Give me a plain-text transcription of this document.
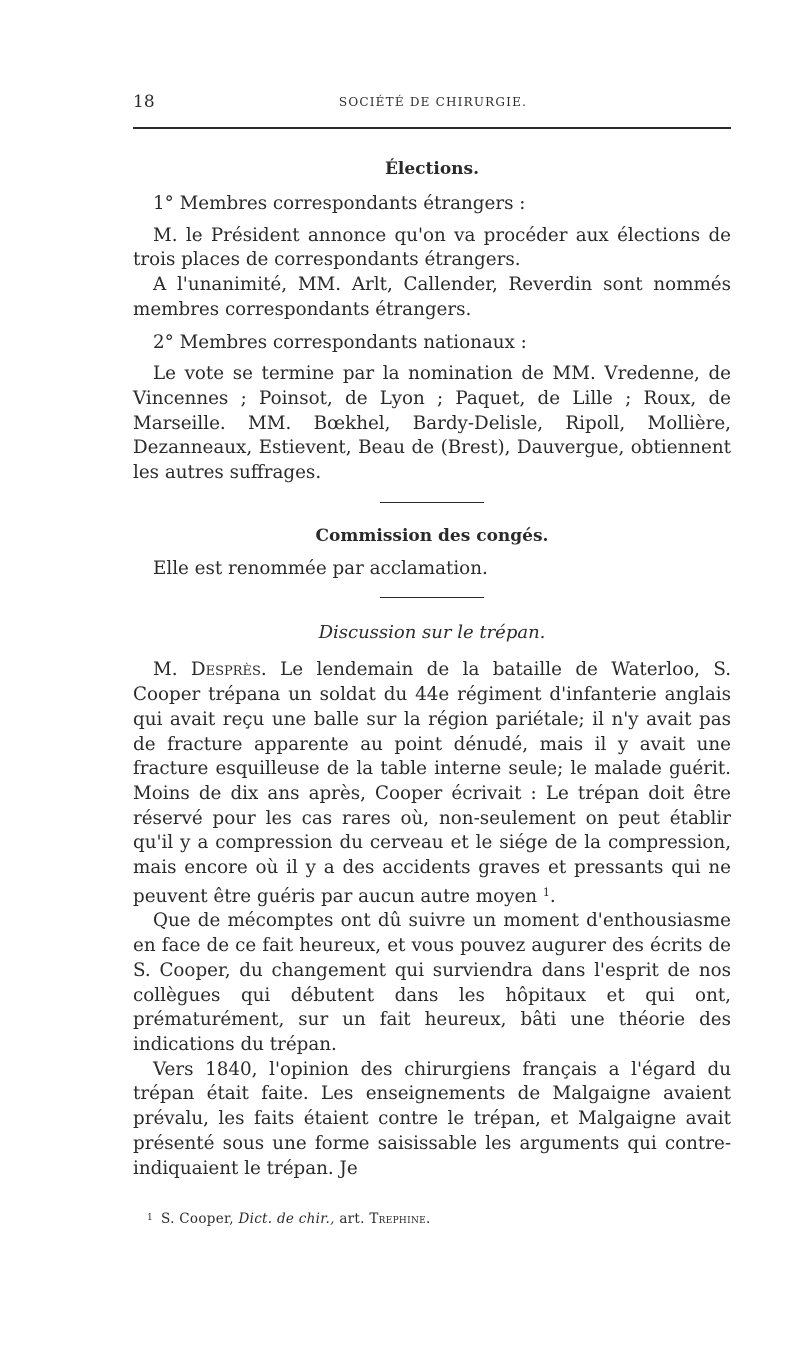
18	SOCIÉTÉ DE CHIRURGIE.
Élections.

1° Membres correspondants étrangers :

M. le Président annonce qu'on va procéder aux élections de trois places de correspondants étrangers.

A l'unanimité, MM. Arlt, Callender, Reverdin sont nommés membres correspondants étrangers.

2° Membres correspondants nationaux :

Le vote se termine par la nomination de MM. Vredenne, de Vincennes ; Poinsot, de Lyon ; Paquet, de Lille ; Roux, de Marseille. MM. Bœkhel, Bardy-Delisle, Ripoll, Mollière, Dezanneaux, Estievent, Beau de (Brest), Dauvergue, obtiennent les autres suffrages.

Commission des congés.

Elle est renommée par acclamation.

Discussion sur le trépan.

M. Desprès. Le lendemain de la bataille de Waterloo, S. Cooper trépana un soldat du 44e régiment d'infanterie anglais qui avait reçu une balle sur la région pariétale; il n'y avait pas de fracture apparente au point dénudé, mais il y avait une fracture esquilleuse de la table interne seule; le malade guérit. Moins de dix ans après, Cooper écrivait : Le trépan doit être réservé pour les cas rares où, non-seulement on peut établir qu'il y a compression du cerveau et le siége de la compression, mais encore où il y a des accidents graves et pressants qui ne peuvent être guéris par aucun autre moyen $^1$.

Que de mécomptes ont dû suivre un moment d'enthousiasme en face de ce fait heureux, et vous pouvez augurer des écrits de S. Cooper, du changement qui surviendra dans l'esprit de nos collègues qui débutent dans les hôpitaux et qui ont, prématurément, sur un fait heureux, bâti une théorie des indications du trépan.

Vers 1840, l'opinion des chirurgiens français a l'égard du trépan était faite. Les enseignements de Malgaigne avaient prévalu, les faits étaient contre le trépan, et Malgaigne avait présenté sous une forme saisissable les arguments qui contre-indiquaient le trépan. Je

$^1$ S. Cooper, Dict. de chir., art. Trephine.
